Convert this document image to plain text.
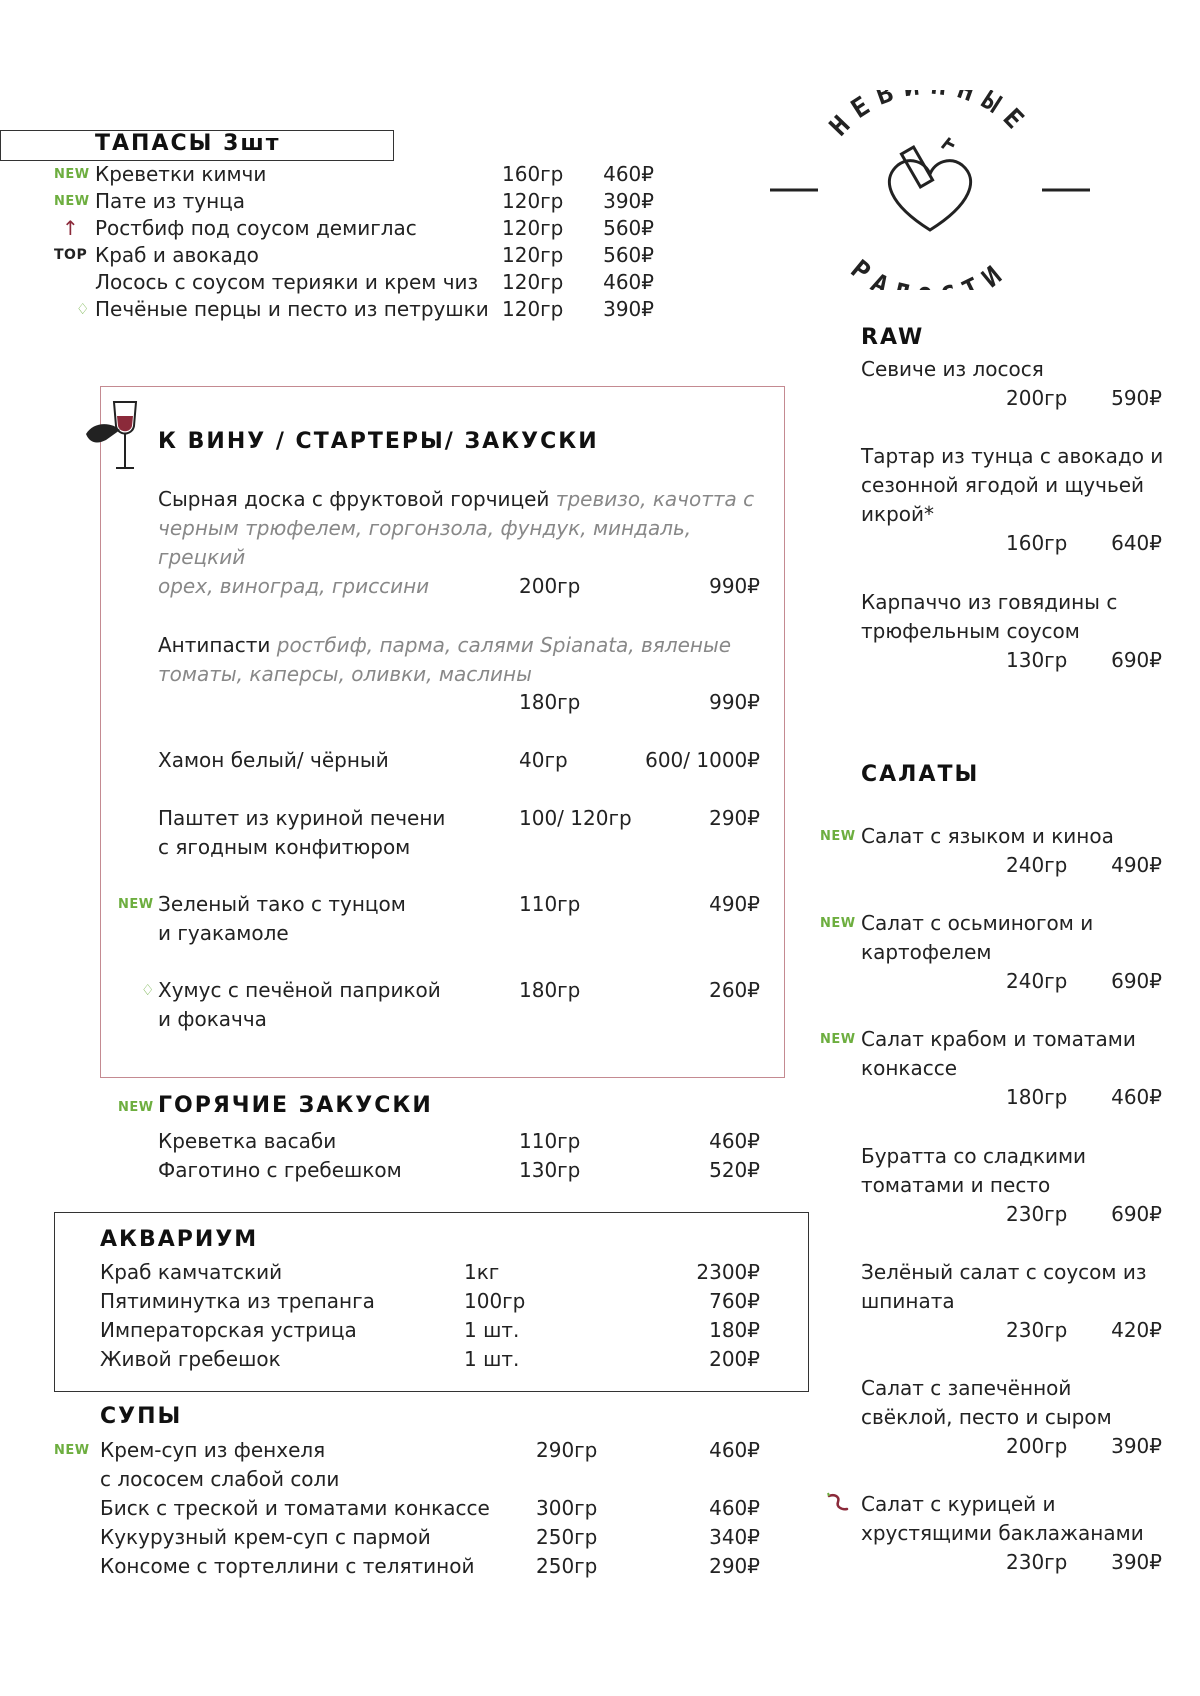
НЕВ НЫЕ
РА ТИ
ТАПАСЫ 3шт
NEW Креветки кимчи	160гр	460₽
NEW Пате из тунца	120гр	390₽
↑ Ростбиф под соусом демиглас	120гр	560₽
TOP Краб и авокадо	120гр	560₽
Лосось с соусом терияки и крем чиз 120гр	460₽
♢ Печёные перцы и песто из петрушки 120гр	390₽
К ВИНУ / СТАРТЕРЫ/ ЗАКУСКИ
Сырная доска с фруктовой горчицей тревизо, качотта с
черным трюфелем, горгонзола, фундук, миндаль, грецкий
орех, виноград, гриссини	200гр	990₽
Антипасти ростбиф, парма, салями Spianata, вяленые
томаты, каперсы, оливки, маслины
180гр	990₽
Хамон белый/ чёрный	40гр	600/ 1000₽
Паштет из куриной печени	100/ 120гр	290₽
с ягодным конфитюром
NEW Зеленый тако с тунцом	110гр	490₽
и гуакамоле
♢ Хумус с печёной паприкой	180гр	260₽
и фокачча
NEW ГОРЯЧИЕ ЗАКУСКИ
Креветка васаби	110гр	460₽
Фаготино с гребешком	130гр	520₽
АКВАРИУМ
Краб камчатский	1кг	2300₽
Пятиминутка из трепанга	100гр	760₽
Императорская устрица	1 шт.	180₽
Живой гребешок	1 шт.	200₽
СУПЫ
NEW Крем-суп из фенхеля	290гр	460₽
с лососем слабой соли
Биск с треской и томатами конкассе 300гр	460₽
Кукурузный крем-суп с пармой	250гр	340₽
Консоме с тортеллини с телятиной	250гр	290₽
RAW
Севиче из лосося
200гр	590₽
Тартар из тунца с авокадо и
сезонной ягодой и щучьей
икрой*
160гр	640₽
Карпаччо из говядины с
трюфельным соусом
130гр	690₽
САЛАТЫ
NEW Салат с языком и киноа
240гр	490₽
NEW Салат с осьминогом и
картофелем
240гр	690₽
NEW Салат крабом и томатами
конкассе
180гр	460₽
Буратта со сладкими
томатами и песто
230гр	690₽
Зелёный салат с соусом из
шпината
230гр	420₽
Салат с запечённой
свёклой, песто и сыром
200гр	390₽
Салат с курицей и
хрустящими баклажанами
230гр	390₽
